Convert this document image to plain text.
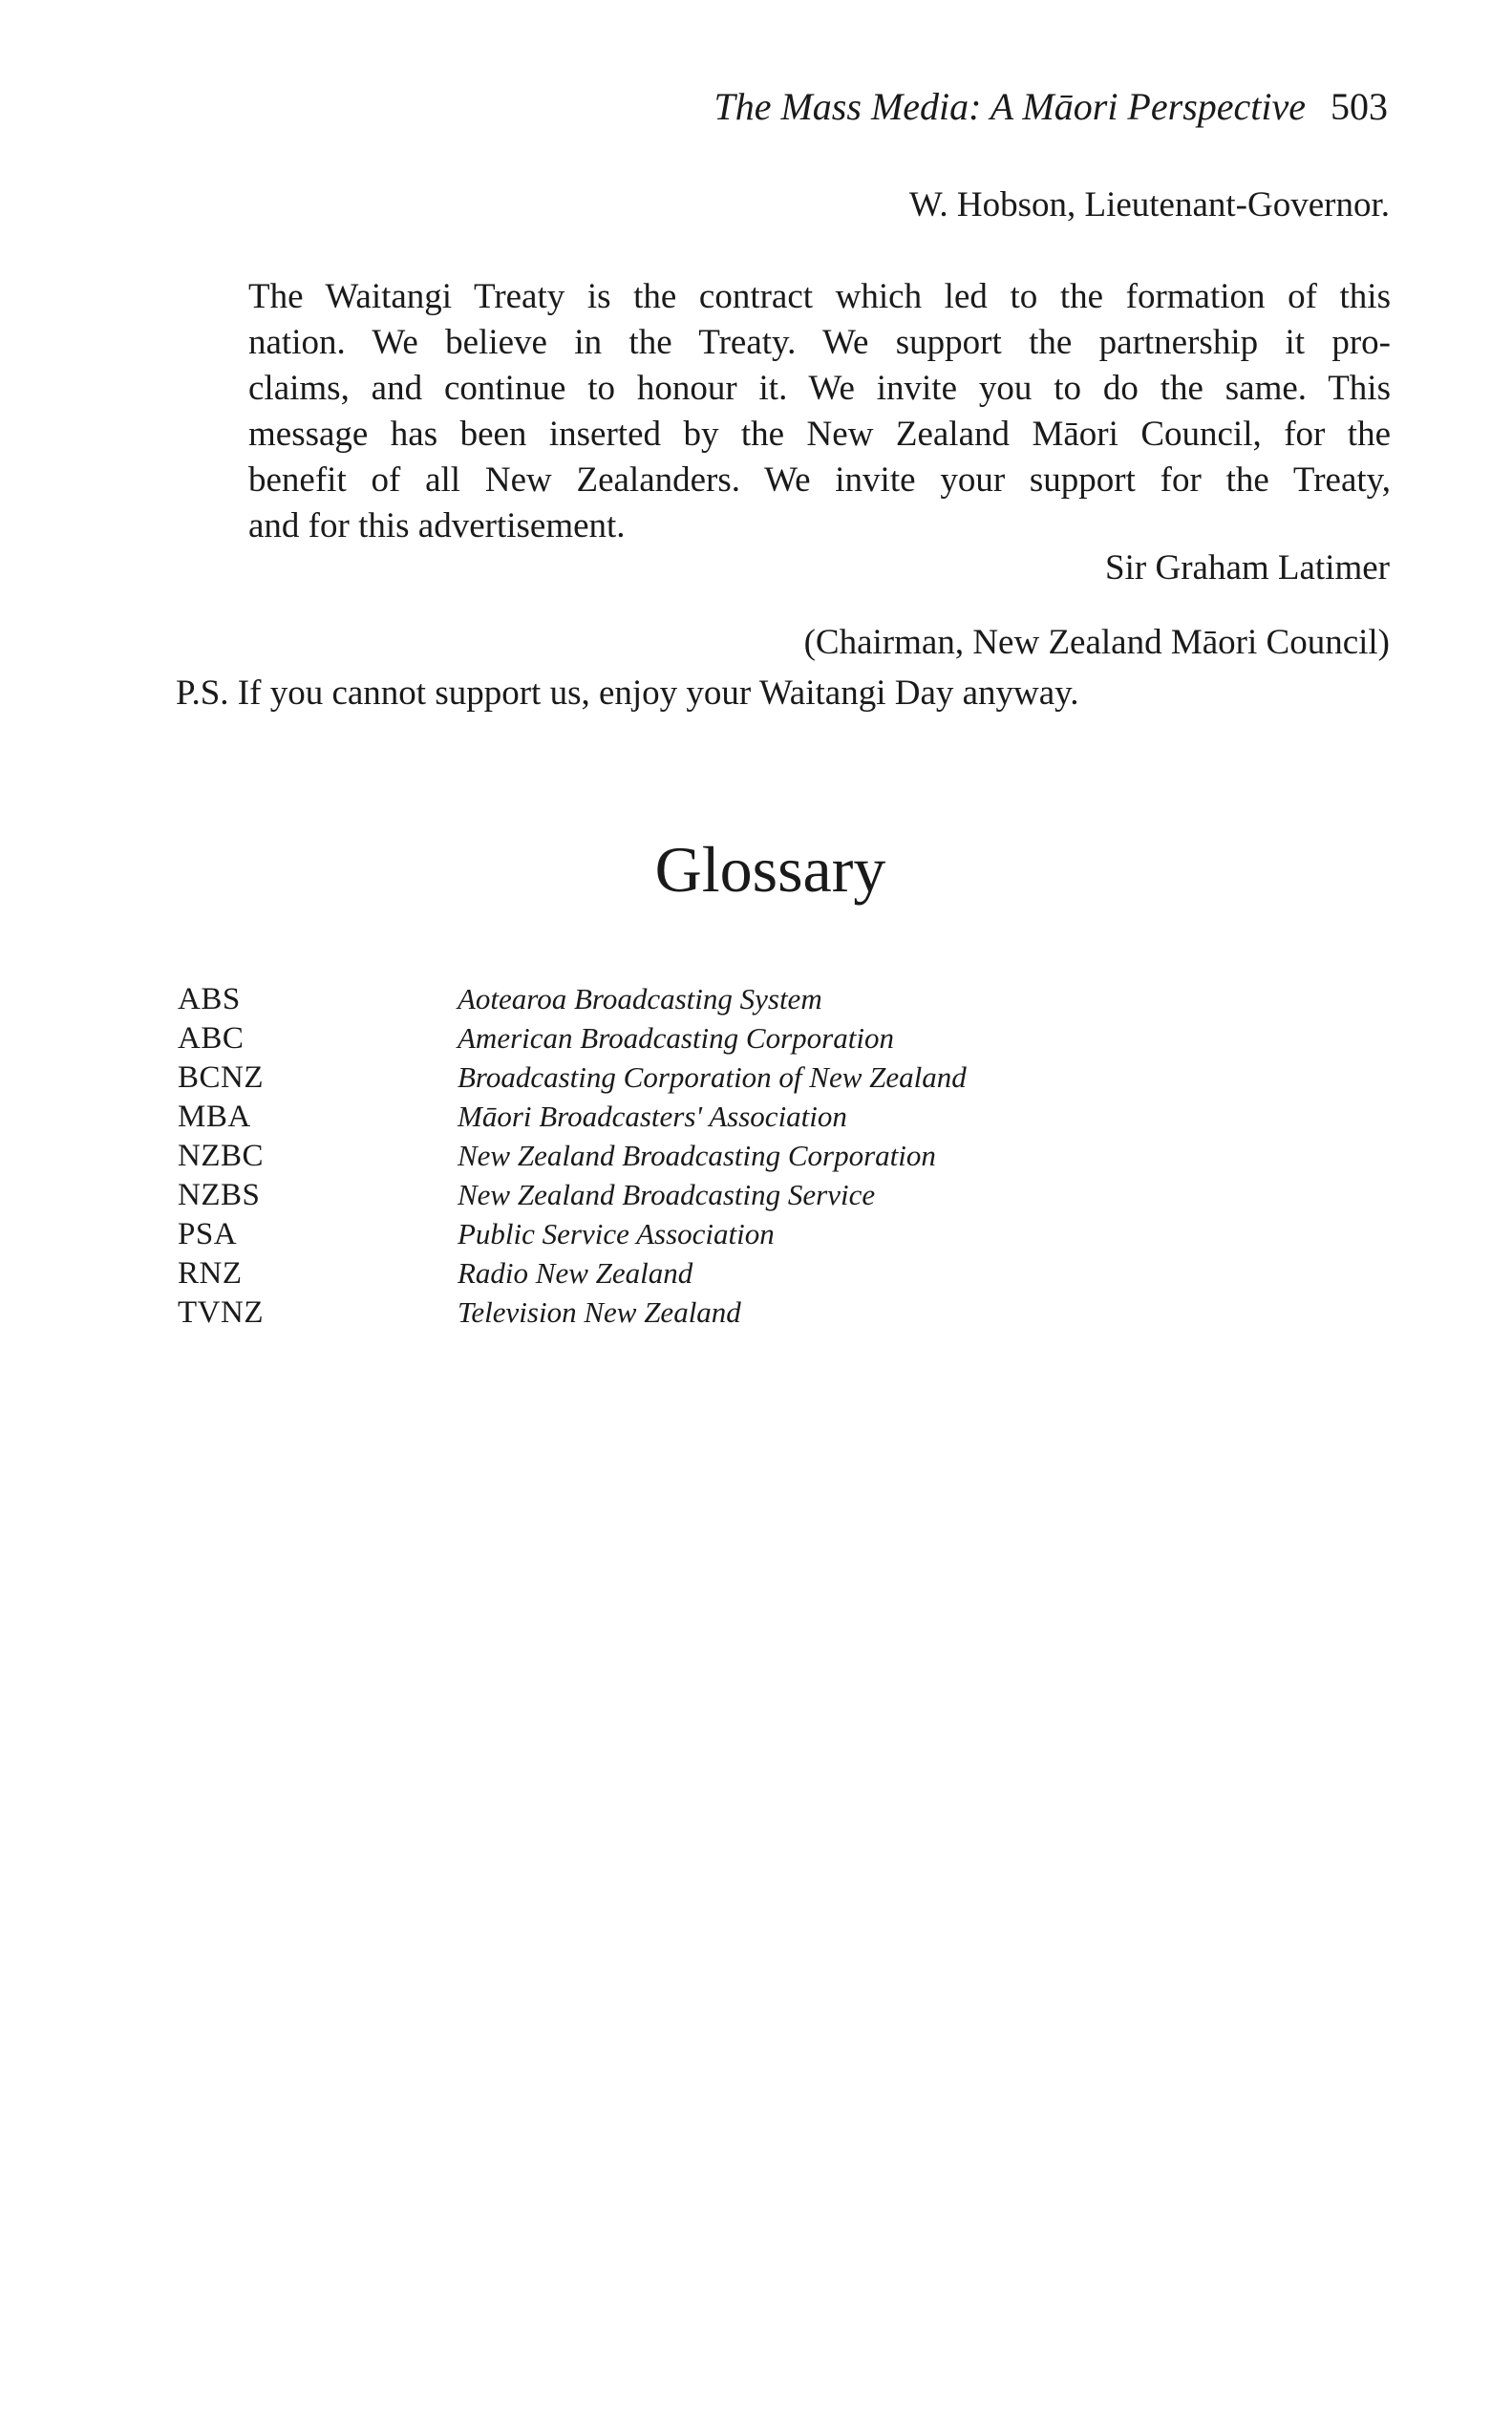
The Mass Media: A Māori Perspective 503
W. Hobson, Lieutenant-Governor.

The Waitangi Treaty is the contract which led to the formation of this
nation. We believe in the Treaty. We support the partnership it pro-
claims, and continue to honour it. We invite you to do the same. This
message has been inserted by the New Zealand Māori Council, for the
benefit of all New Zealanders. We invite your support for the Treaty,
and for this advertisement.

Sir Graham Latimer
(Chairman, New Zealand Māori Council)
P.S. If you cannot support us, enjoy your Waitangi Day anyway.
Glossary
ABS	Aotearoa Broadcasting System
ABC	American Broadcasting Corporation
BCNZ	Broadcasting Corporation of New Zealand
MBA	Māori Broadcasters' Association
NZBC	New Zealand Broadcasting Corporation
NZBS	New Zealand Broadcasting Service
PSA	Public Service Association
RNZ	Radio New Zealand
TVNZ	Television New Zealand
